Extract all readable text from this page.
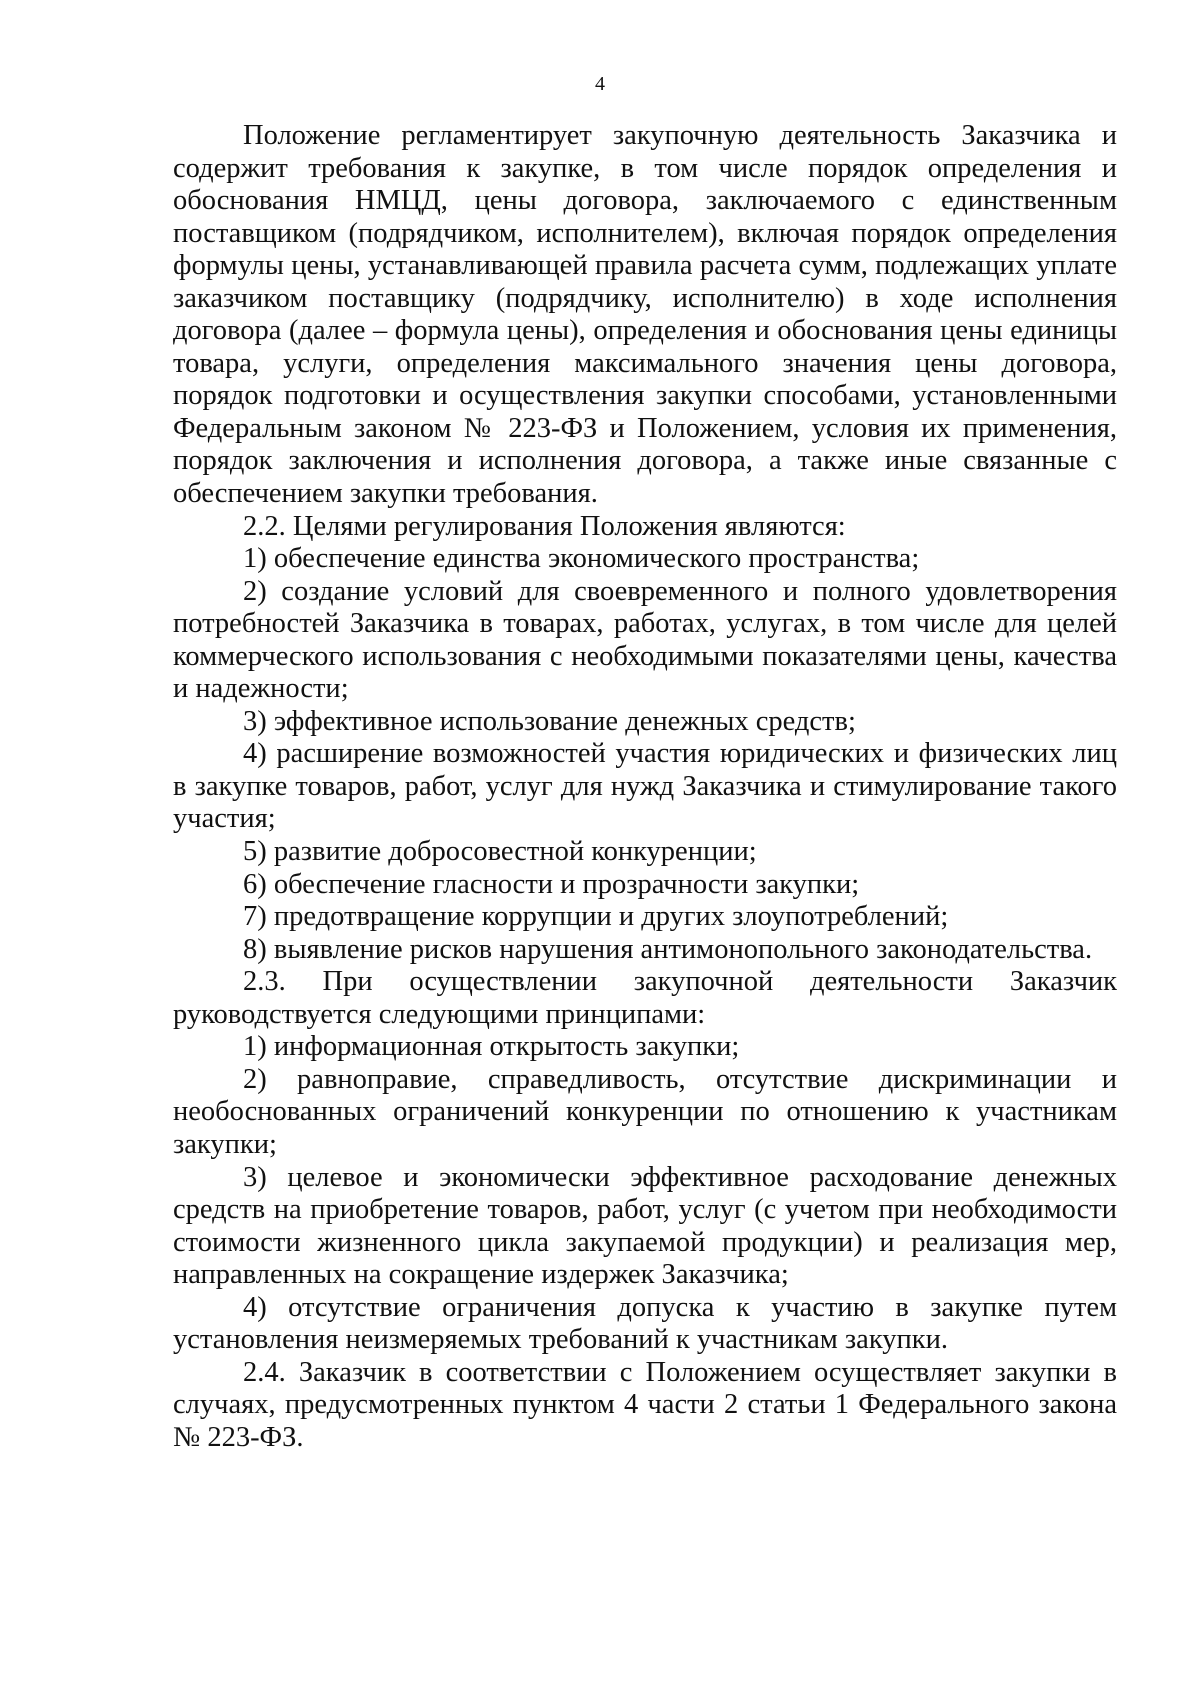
4

Положение регламентирует закупочную деятельность Заказчика и содержит требования к закупке, в том числе порядок определения и обоснования НМЦД, цены договора, заключаемого с единственным поставщиком (подрядчиком, исполнителем), включая порядок определения формулы цены, устанавливающей правила расчета сумм, подлежащих уплате заказчиком поставщику (подрядчику, исполнителю) в ходе исполнения договора (далее – формула цены), определения и обоснования цены единицы товара, услуги, определения максимального значения цены договора, порядок подготовки и осуществления закупки способами, установленными Федеральным законом № 223-ФЗ и Положением, условия их применения, порядок заключения и исполнения договора, а также иные связанные с обеспечением закупки требования.

2.2. Целями регулирования Положения являются:

1) обеспечение единства экономического пространства;

2) создание условий для своевременного и полного удовлетворения потребностей Заказчика в товарах, работах, услугах, в том числе для целей коммерческого использования с необходимыми показателями цены, качества и надежности;

3) эффективное использование денежных средств;

4) расширение возможностей участия юридических и физических лиц в закупке товаров, работ, услуг для нужд Заказчика и стимулирование такого участия;

5) развитие добросовестной конкуренции;

6) обеспечение гласности и прозрачности закупки;

7) предотвращение коррупции и других злоупотреблений;

8) выявление рисков нарушения антимонопольного законодательства.

2.3. При осуществлении закупочной деятельности Заказчик руководствуется следующими принципами:

1) информационная открытость закупки;

2) равноправие, справедливость, отсутствие дискриминации и необоснованных ограничений конкуренции по отношению к участникам закупки;

3) целевое и экономически эффективное расходование денежных средств на приобретение товаров, работ, услуг (с учетом при необходимости стоимости жизненного цикла закупаемой продукции) и реализация мер, направленных на сокращение издержек Заказчика;

4) отсутствие ограничения допуска к участию в закупке путем установления неизмеряемых требований к участникам закупки.

2.4. Заказчик в соответствии с Положением осуществляет закупки в случаях, предусмотренных пунктом 4 части 2 статьи 1 Федерального закона № 223-ФЗ.
